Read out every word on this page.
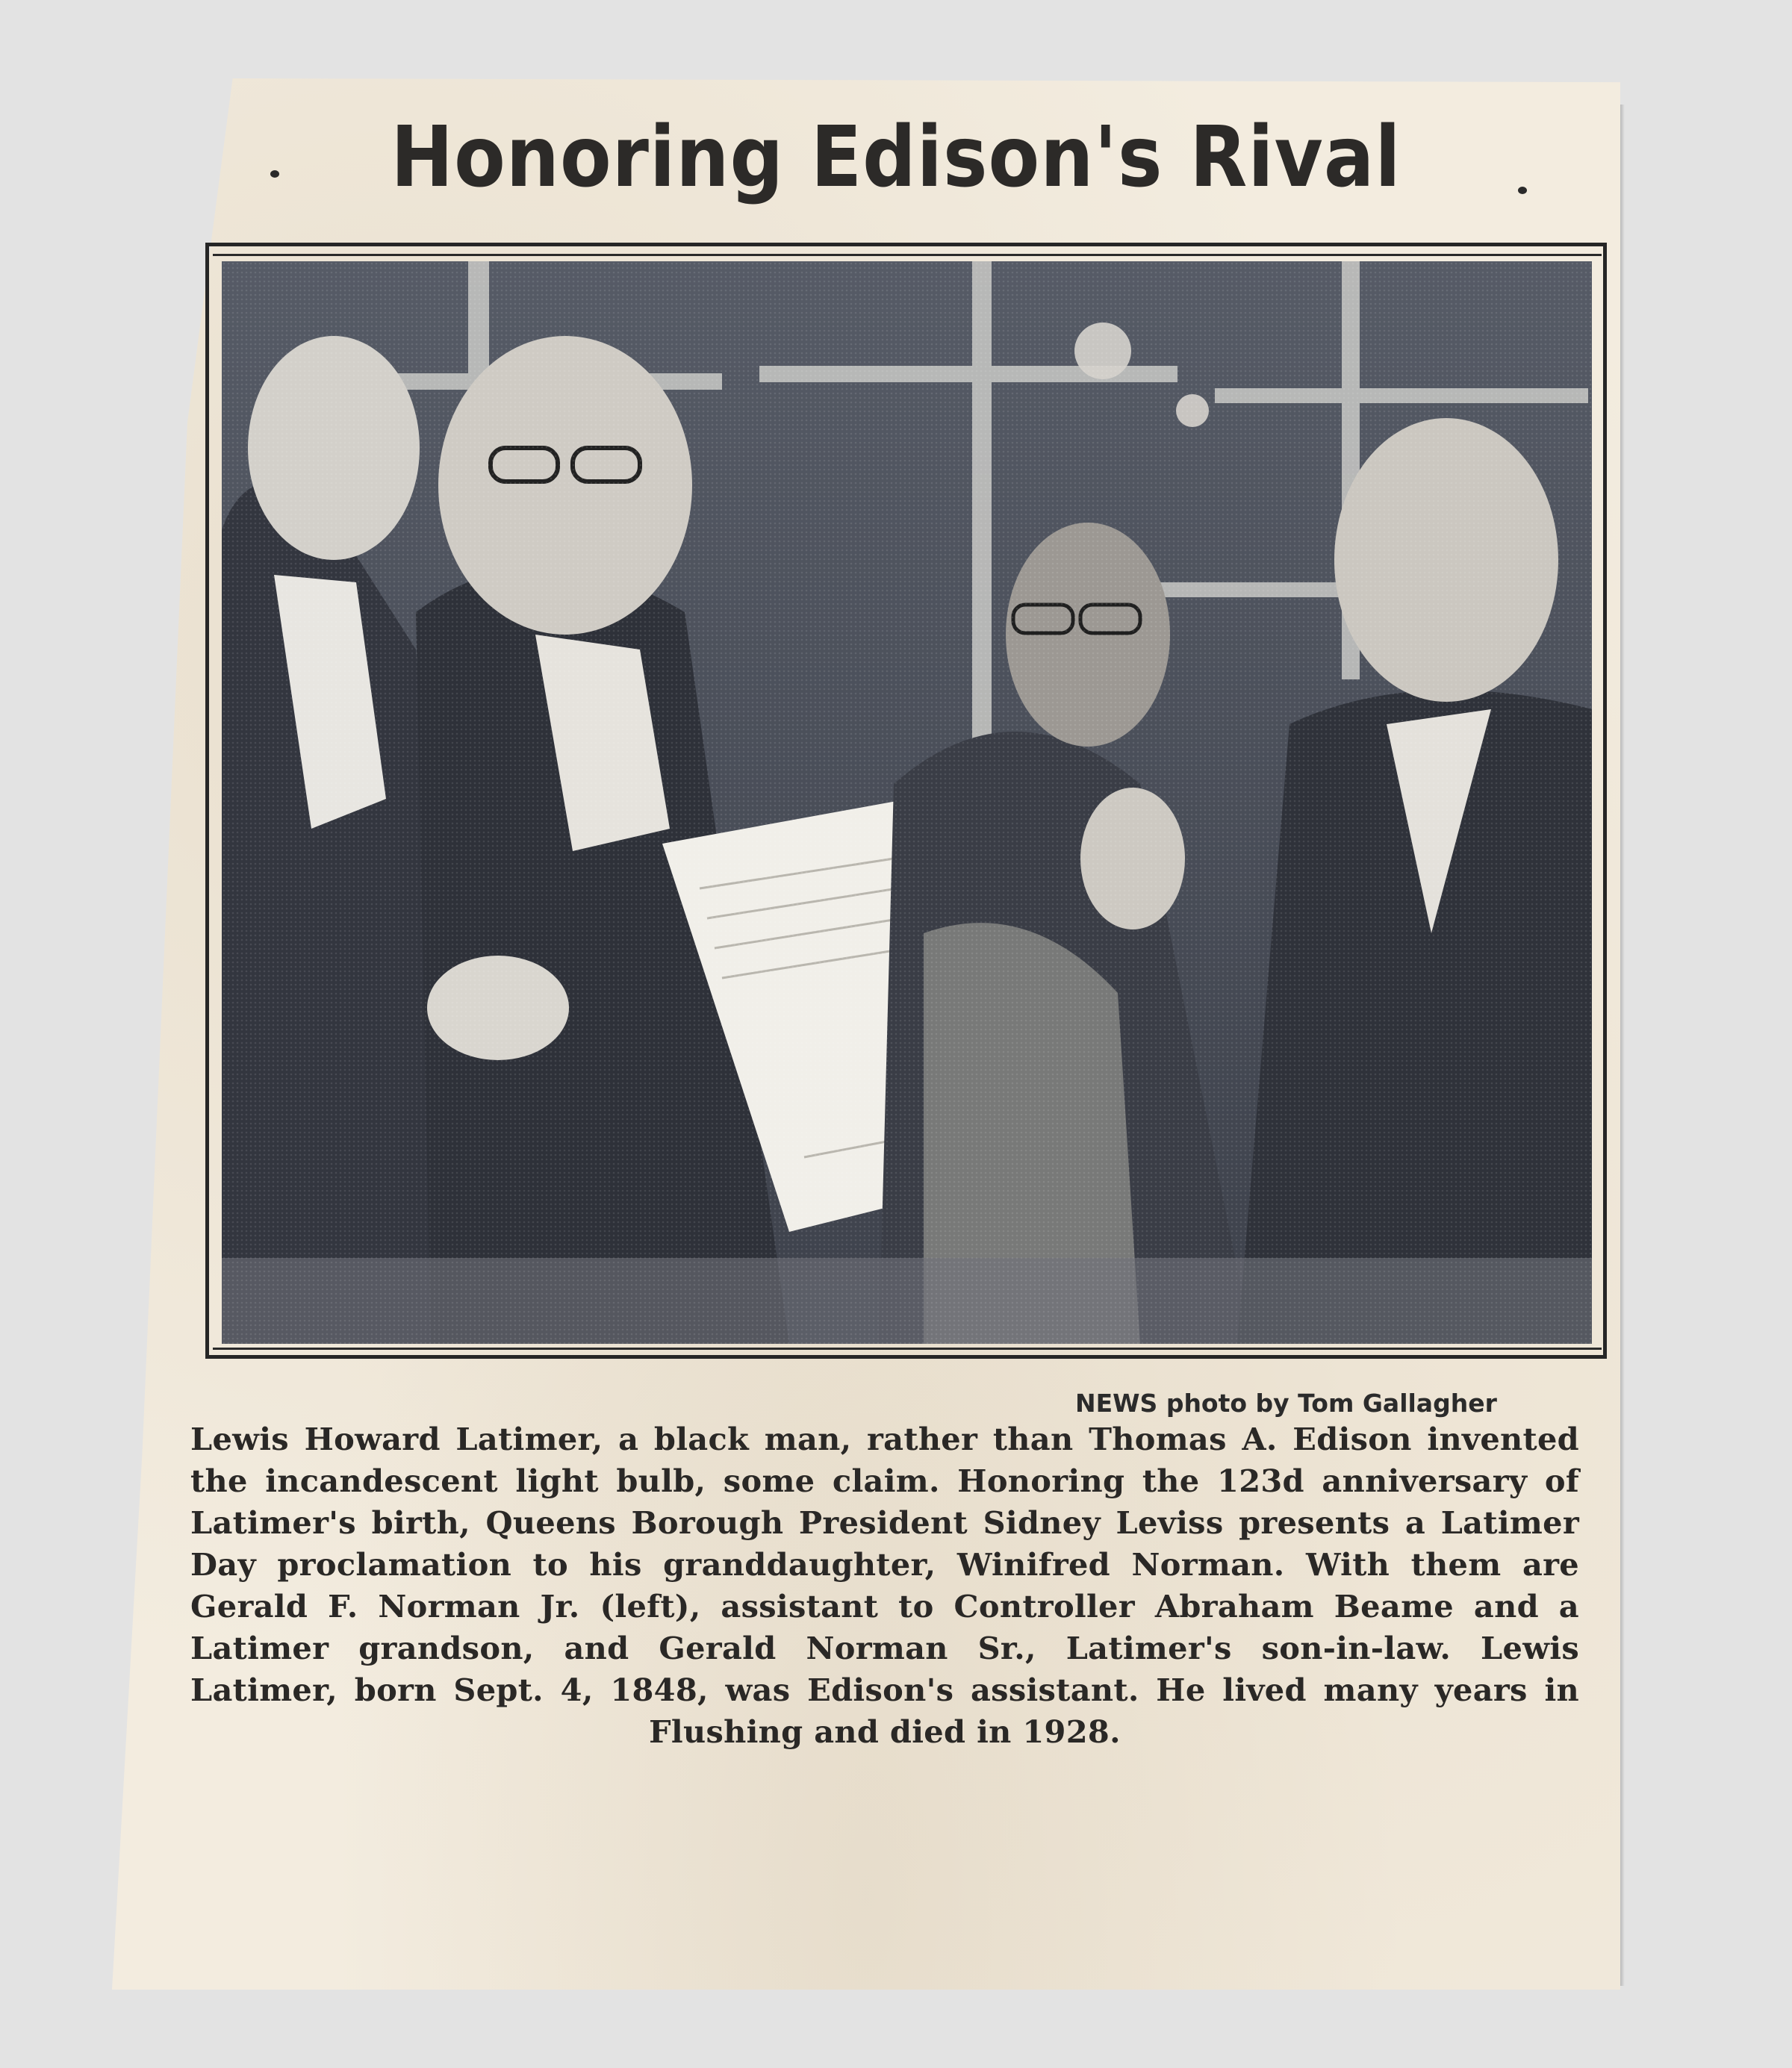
Honoring Edison's Rival
NEWS photo by Tom Gallagher

Lewis Howard Latimer, a black man, rather than Thomas A. Edison invented the incandescent light bulb, some claim. Honoring the 123d anniversary of Latimer's birth, Queens Borough President Sidney Leviss presents a Latimer Day proclamation to his granddaughter, Winifred Norman. With them are Gerald F. Norman Jr. (left), assistant to Controller Abraham Beame and a Latimer grandson, and Gerald Norman Sr., Latimer's son-in-law. Lewis Latimer, born Sept. 4, 1848, was Edison's assistant. He lived many years in Flushing and died in 1928.
